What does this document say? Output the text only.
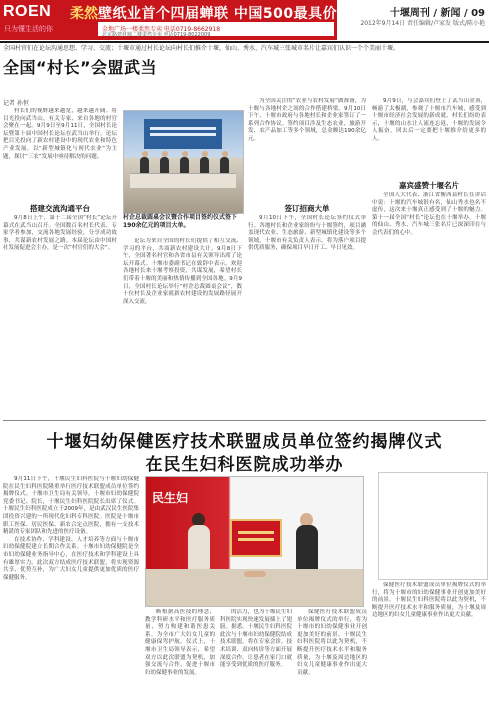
ROEN 柔然
只为懂生活的你
壁纸业首个四届蝉联 中国500最具价值品牌
金地广场一楼柔然专卖 电话0719-8662918
北京路建材城二楼柔然专卖 电话0719-8022009
十堰周刊 / 新闻 / 09
2012年9月14日 责任编辑/卢家发 版式/陈小艳
全国村官们在论坛沟通思想、学习、交流；十堰市通过村长论坛向村长们推介十堰，仙山、秀水、汽车城三张城市名片让嘉宾们认识一个个美丽十堰。
全国“村长”会盟武当
记者 孙恒

村长们的视野越来越宽，越来越开阔。将目光投向武当山，有关专家、来自各地的村官会聚在一起。9月9日至9月11日，全国村长论坛暨第十届中国村长论坛在武当山举行。论坛把目光投向了新农村建设中的现代农业和特色产业发展。以“新型城镇化与现代农业”为主题，探讨“三农”发展中亟待解决的问题。

搭建交流沟通平台

9月8日上午，第十二届全国“村长”论坛开幕式在武当山召开。全国数百名村长代表、专家学者参加，交流各地发展经验，分享成功故事，共谋新农村发展之路。本届论坛由中国村社发展促进会主办，是一次“村官们的大会”。

村企总裁圆桌会议暨合作项目签约仪式签下190余亿元的项目大单。

论坛为来自全国的村长们提供了相互交流、学习的平台，共商新农村建设大计。9月8日下午，全国著名村官和各省市县有关领导出席了论坛开幕式。十堰市委副书记在致辞中表示，欢迎各地村长来十堰考察投资，共谋发展，希望村长们带着十堰的美丽和热情传播到全国各地。9月9日，全国村长论坛举行“村企总裁圆桌会议”，数十位村长及企业家就新农村建设的发展路径展开深入交流。

为全国关注的“农业与农村发展”做准备，为十堰与各地村企之间的合作搭建桥梁。9月10日下午，十堰市政府与各地村长和企业家签订了一系列合作协议。签约项目涉及生态农业、旅游开发、农产品加工等多个领域，总金额达190余亿元。

签订招商大单

9月10日下午，全国村长论坛签约仪式举行。各地村长和企业家纷纷与十堰签约，项目涵盖现代农业、生态旅游、新型城镇化建设等多个领域。十堰市有关负责人表示，将为落户项目提供优质服务，确保项目早日开工、早日见效。

9月9日，与会嘉宾们登上了武当山金顶，畅游了太极湖，参观了十堰市汽车城，感受到十堰市经济社会发展的新成就。村长们纷纷表示，十堰的山水让人流连忘返，十堰的发展令人振奋，回去后一定要把十堰推介给更多的人。

嘉宾盛赞十堰名片

全国人大代表、浙江省衡西县村长在讲话中说：十堰的汽车城很有名，仙山秀水也名不虚传，这次来十堰真正感受到了十堰的魅力。第十一届全国“村长”论坛也在十堰举办，十堰的仙山、秀水、汽车城三张名片已深深印在与会代表们的心中。

十堰妇幼保健医疗技术联盟成员单位签约揭牌仪式
在民生妇科医院成功举办

9月11日下午，十堰民生妇科医院与十堰妇幼保健院在民生妇科医院隆重举行医疗技术联盟成员单位签约揭牌仪式。十堰市卫生局有关领导，十堰市妇幼保健院党委书记、院长，十堰民生妇科医院院长出席了仪式。十堰民生妇科医院成立于2009年，是由武汉民生医院集团投资兴建的一所现代化妇科专科医院。医院是十堰市职工医保、居民医保、新农合定点医院，拥有一支技术精湛的专家团队和先进的医疗设备。

在技术协作、学科建设、人才培养等方面与十堰市妇幼保健院建立长期合作关系。十堰市妇幼保健院是全市妇幼保健业务指导中心，在医疗技术和学科建设上具有雄厚实力。此次双方结成医疗技术联盟，将实现资源共享、优势互补，为广大妇女儿童提供更加优质的医疗保健服务。

民生妇

断根据高医技的理念，教学科研水平和医疗服务质量，努力构建和谐医患关系。为全市广大妇女儿童的健康保驾护航。仪式上，十堰市卫生局领导表示，希望双方以此次联盟为契机，加强交流与合作，促进十堰市妇幼保健事业的发展。

的活力，也为十堰民生妇科医院实现快速发展插上了翅膀。据悉，十堰民生妇科医院此次与十堰市妇幼保健院结成技术联盟，将在专家会诊、技术培训、双向转诊等方面开展深度合作，让患者在家门口就能享受到优质的医疗服务。

保健医疗技术联盟成员单位揭牌仪式的举行，将为十堰市的妇幼保健事业开创更加美好的前景。十堰民生妇科医院将以此为契机，不断提升医疗技术水平和服务质量，为十堰及周边地区的妇女儿童健康事业作出更大贡献。

保健医疗技术联盟成员单位揭牌仪式的举行，将为十堰市的妇幼保健事业开创更加美好的前景。十堰民生妇科医院将以此为契机，不断提升医疗技术水平和服务质量，为十堰及周边地区的妇女儿童健康事业作出更大贡献。
